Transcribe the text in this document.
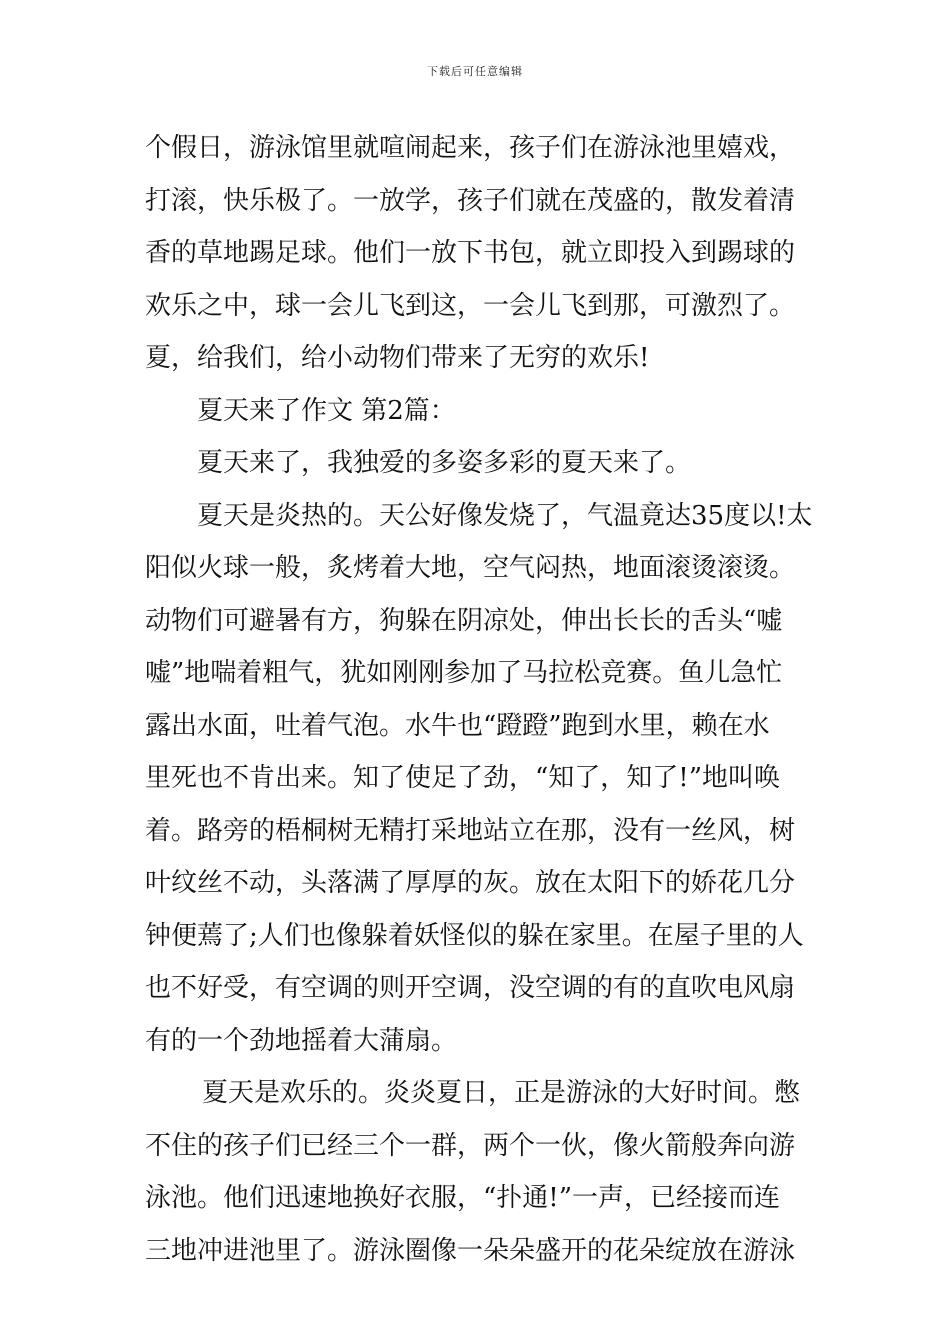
下载后可任意编辑
个假日，游泳馆里就喧闹起来，孩子们在游泳池里嬉戏，
打滚，快乐极了。一放学，孩子们就在茂盛的，散发着清
香的草地踢足球。他们一放下书包，就立即投入到踢球的
欢乐之中，球一会儿飞到这，一会儿飞到那，可激烈了。
夏，给我们，给小动物们带来了无穷的欢乐!
夏天来了作文 第2篇：
夏天来了，我独爱的多姿多彩的夏天来了。
夏天是炎热的。天公好像发烧了，气温竟达35度以!太
阳似火球一般，炙烤着大地，空气闷热，地面滚烫滚烫。
动物们可避暑有方，狗躲在阴凉处，伸出长长的舌头“嘘
嘘”地喘着粗气，犹如刚刚参加了马拉松竞赛。鱼儿急忙
露出水面，吐着气泡。水牛也“蹬蹬”跑到水里，赖在水
里死也不肯出来。知了使足了劲，“知了，知了!”地叫唤
着。路旁的梧桐树无精打采地站立在那，没有一丝风，树
叶纹丝不动，头落满了厚厚的灰。放在太阳下的娇花几分
钟便蔫了;人们也像躲着妖怪似的躲在家里。在屋子里的人
也不好受，有空调的则开空调，没空调的有的直吹电风扇
有的一个劲地摇着大蒲扇。
夏天是欢乐的。炎炎夏日，正是游泳的大好时间。憋
不住的孩子们已经三个一群，两个一伙，像火箭般奔向游
泳池。他们迅速地换好衣服，“扑通!”一声，已经接而连
三地冲进池里了。游泳圈像一朵朵盛开的花朵绽放在游泳
